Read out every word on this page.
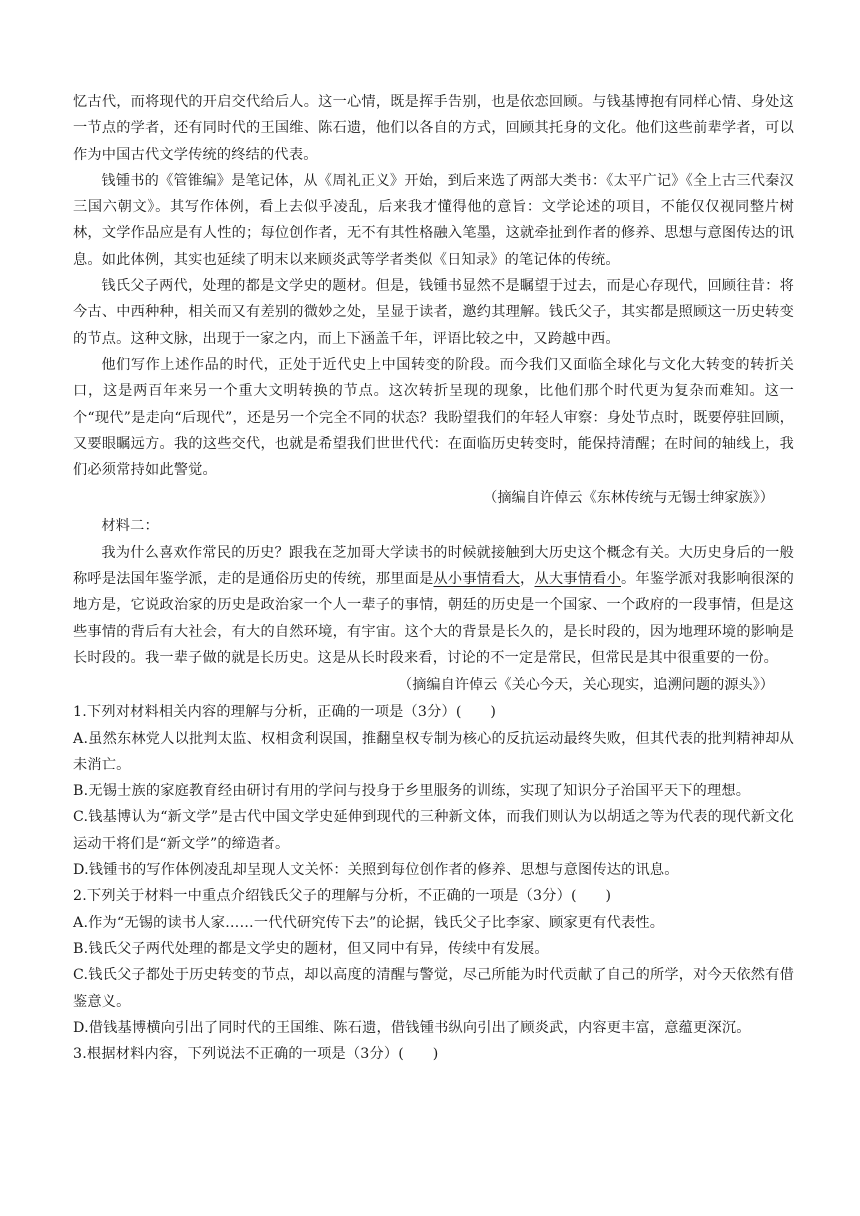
忆古代，而将现代的开启交代给后人。这一心情，既是挥手告别，也是依恋回顾。与钱基博抱有同样心情、身处这一节点的学者，还有同时代的王国维、陈石遗，他们以各自的方式，回顾其托身的文化。他们这些前辈学者，可以作为中国古代文学传统的终结的代表。

钱锺书的《管锥编》是笔记体，从《周礼正义》开始，到后来选了两部大类书：《太平广记》《全上古三代秦汉三国六朝文》。其写作体例，看上去似乎凌乱，后来我才懂得他的意旨：文学论述的项目，不能仅仅视同整片树林，文学作品应是有人性的；每位创作者，无不有其性格融入笔墨，这就牵扯到作者的修养、思想与意图传达的讯息。如此体例，其实也延续了明末以来顾炎武等学者类似《日知录》的笔记体的传统。

钱氏父子两代，处理的都是文学史的题材。但是，钱锺书显然不是瞩望于过去，而是心存现代，回顾往昔：将今古、中西种种，相关而又有差别的微妙之处，呈显于读者，邀约其理解。钱氏父子，其实都是照顾这一历史转变的节点。这种文脉，出现于一家之内，而上下涵盖千年，评语比较之中，又跨越中西。

他们写作上述作品的时代，正处于近代史上中国转变的阶段。而今我们又面临全球化与文化大转变的转折关口，这是两百年来另一个重大文明转换的节点。这次转折呈现的现象，比他们那个时代更为复杂而难知。这一个“现代”是走向“后现代”，还是另一个完全不同的状态？我盼望我们的年轻人审察：身处节点时，既要停驻回顾，又要眼瞩远方。我的这些交代，也就是希望我们世世代代：在面临历史转变时，能保持清醒；在时间的轴线上，我们必须常持如此警觉。

（摘编自许倬云《东林传统与无锡士绅家族》）

材料二：

我为什么喜欢作常民的历史？跟我在芝加哥大学读书的时候就接触到大历史这个概念有关。大历史身后的一般称呼是法国年鉴学派，走的是通俗历史的传统，那里面是从小事情看大，从大事情看小。年鉴学派对我影响很深的地方是，它说政治家的历史是政治家一个人一辈子的事情，朝廷的历史是一个国家、一个政府的一段事情，但是这些事情的背后有大社会，有大的自然环境，有宇宙。这个大的背景是长久的，是长时段的，因为地理环境的影响是长时段的。我一辈子做的就是长历史。这是从长时段来看，讨论的不一定是常民，但常民是其中很重要的一份。

（摘编自许倬云《关心今天，关心现实，追溯问题的源头》）

1.下列对材料相关内容的理解与分析，正确的一项是（3分）(　　)

A.虽然东林党人以批判太监、权相贪利误国，推翻皇权专制为核心的反抗运动最终失败，但其代表的批判精神却从未消亡。

B.无锡士族的家庭教育经由研讨有用的学问与投身于乡里服务的训练，实现了知识分子治国平天下的理想。

C.钱基博认为“新文学”是古代中国文学史延伸到现代的三种新文体，而我们则认为以胡适之等为代表的现代新文化运动干将们是“新文学”的缔造者。

D.钱锺书的写作体例凌乱却呈现人文关怀：关照到每位创作者的修养、思想与意图传达的讯息。

2.下列关于材料一中重点介绍钱氏父子的理解与分析，不正确的一项是（3分）(　　)

A.作为“无锡的读书人家……一代代研究传下去”的论据，钱氏父子比李家、顾家更有代表性。

B.钱氏父子两代处理的都是文学史的题材，但又同中有异，传续中有发展。

C.钱氏父子都处于历史转变的节点，却以高度的清醒与警觉，尽己所能为时代贡献了自己的所学，对今天依然有借鉴意义。

D.借钱基博横向引出了同时代的王国维、陈石遗，借钱锺书纵向引出了顾炎武，内容更丰富，意蕴更深沉。

3.根据材料内容，下列说法不正确的一项是（3分）(　　)
